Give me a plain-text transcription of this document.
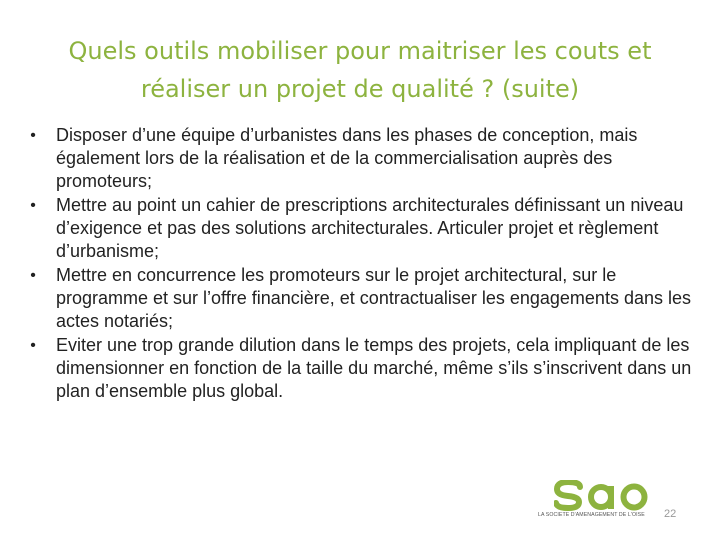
Quels outils mobiliser pour maitriser les couts et réaliser un projet de qualité ? (suite)
• Disposer d’une équipe d’urbanistes dans les phases de conception, mais également lors de la réalisation et de la commercialisation auprès des promoteurs;
• Mettre au point un cahier de prescriptions architecturales définissant un niveau d’exigence et pas des solutions architecturales. Articuler projet et règlement d’urbanisme;
• Mettre en concurrence les promoteurs sur le projet architectural, sur le programme et sur l’offre financière, et contractualiser les engagements dans les actes notariés;
• Eviter une trop grande dilution dans le temps des projets, cela impliquant de les dimensionner en fonction de la taille du marché, même s’ils s’inscrivent dans un plan d’ensemble plus global.
LA SOCIETE D'AMENAGEMENT DE L'OISE	22
